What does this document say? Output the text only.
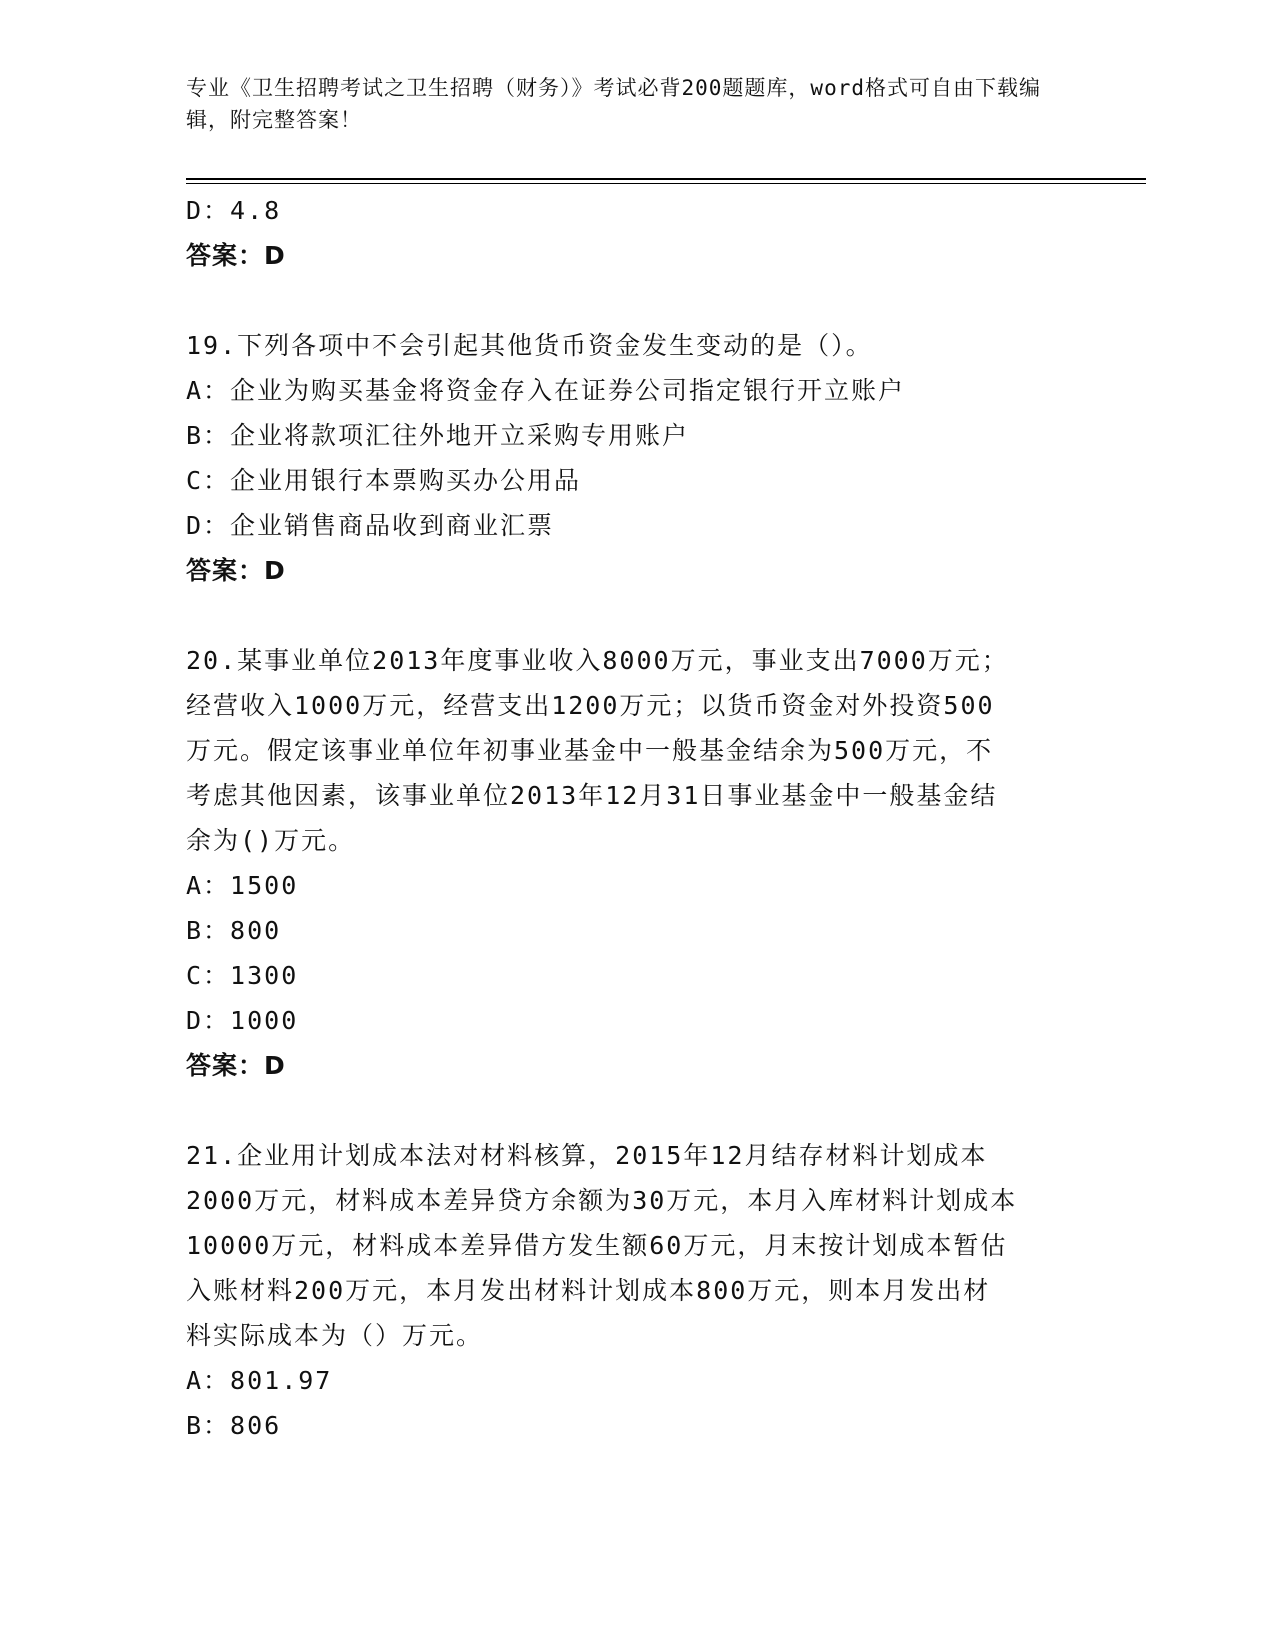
专业《卫生招聘考试之卫生招聘（财务）》考试必背200题题库，word格式可自由下载编辑，附完整答案！
D：4.8
答案：D
19.下列各项中不会引起其他货币资金发生变动的是（）。
A：企业为购买基金将资金存入在证券公司指定银行开立账户
B：企业将款项汇往外地开立采购专用账户
C：企业用银行本票购买办公用品
D：企业销售商品收到商业汇票
答案：D
20.某事业单位2013年度事业收入8000万元，事业支出7000万元；
经营收入1000万元，经营支出1200万元；以货币资金对外投资500
万元。假定该事业单位年初事业基金中一般基金结余为500万元，不
考虑其他因素，该事业单位2013年12月31日事业基金中一般基金结
余为()万元。
A：1500
B：800
C：1300
D：1000
答案：D
21.企业用计划成本法对材料核算，2015年12月结存材料计划成本
2000万元，材料成本差异贷方余额为30万元，本月入库材料计划成本
10000万元，材料成本差异借方发生额60万元，月末按计划成本暂估
入账材料200万元，本月发出材料计划成本800万元，则本月发出材
料实际成本为（）万元。
A：801.97
B：806
